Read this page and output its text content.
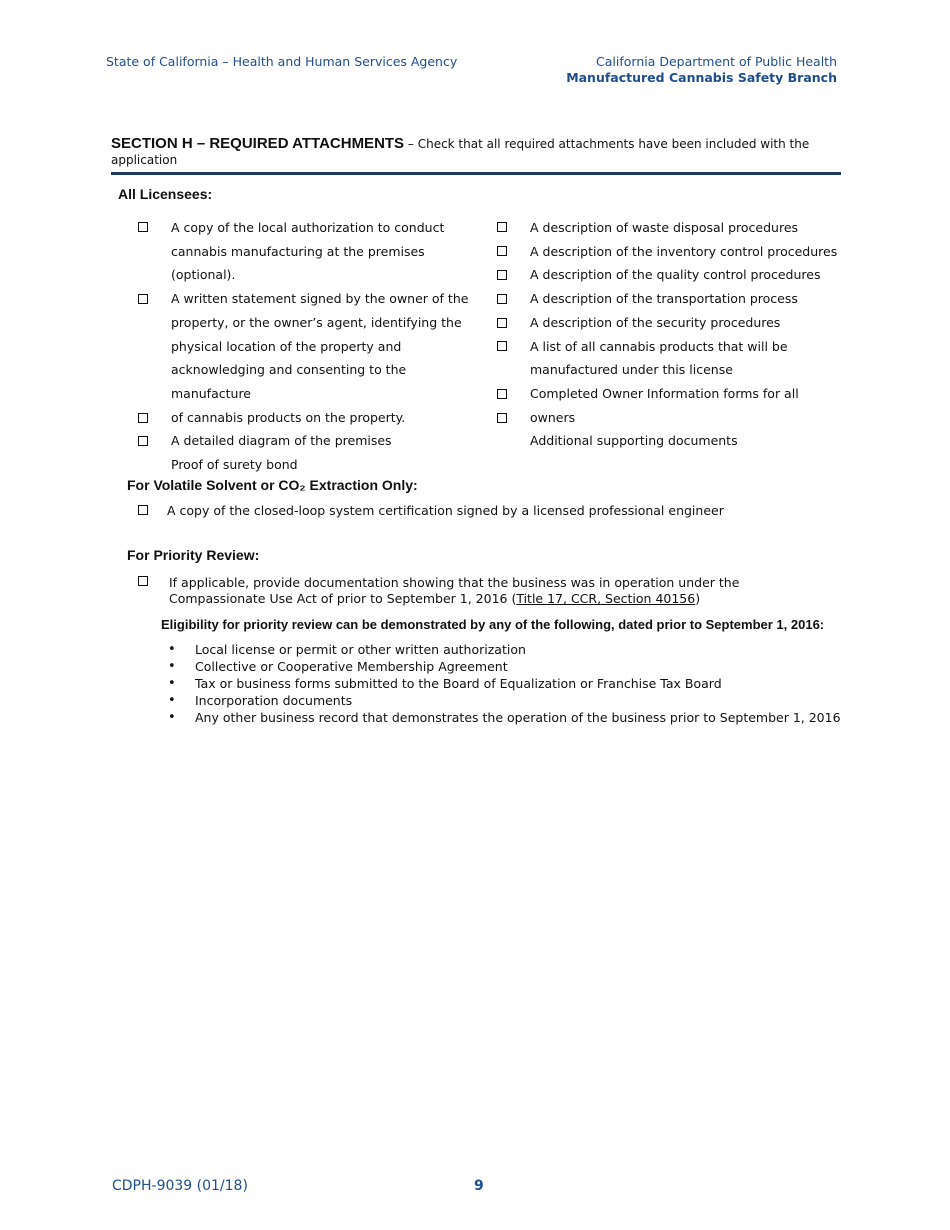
State of California – Health and Human Services Agency	California Department of Public Health
Manufactured Cannabis Safety Branch
SECTION H – REQUIRED ATTACHMENTS – Check that all required attachments have been included with the application
All Licensees:
A copy of the local authorization to conduct
cannabis manufacturing at the premises
(optional).
A written statement signed by the owner of the
property, or the owner’s agent, identifying the
physical location of the property and
acknowledging and consenting to the manufacture
of cannabis products on the property.
A detailed diagram of the premises
Proof of surety bond
A description of waste disposal procedures
A description of the inventory control procedures
A description of the quality control procedures
A description of the transportation process
A description of the security procedures
A list of all cannabis products that will be
manufactured under this license
Completed Owner Information forms for all owners
Additional supporting documents
For Volatile Solvent or CO₂ Extraction Only:
A copy of the closed-loop system certification signed by a licensed professional engineer
For Priority Review:
If applicable, provide documentation showing that the business was in operation under the
Compassionate Use Act of prior to September 1, 2016 (Title 17, CCR, Section 40156)
Eligibility for priority review can be demonstrated by any of the following, dated prior to September 1, 2016:
• Local license or permit or other written authorization
• Collective or Cooperative Membership Agreement
• Tax or business forms submitted to the Board of Equalization or Franchise Tax Board
• Incorporation documents
• Any other business record that demonstrates the operation of the business prior to September 1, 2016
CDPH-9039 (01/18)	9
